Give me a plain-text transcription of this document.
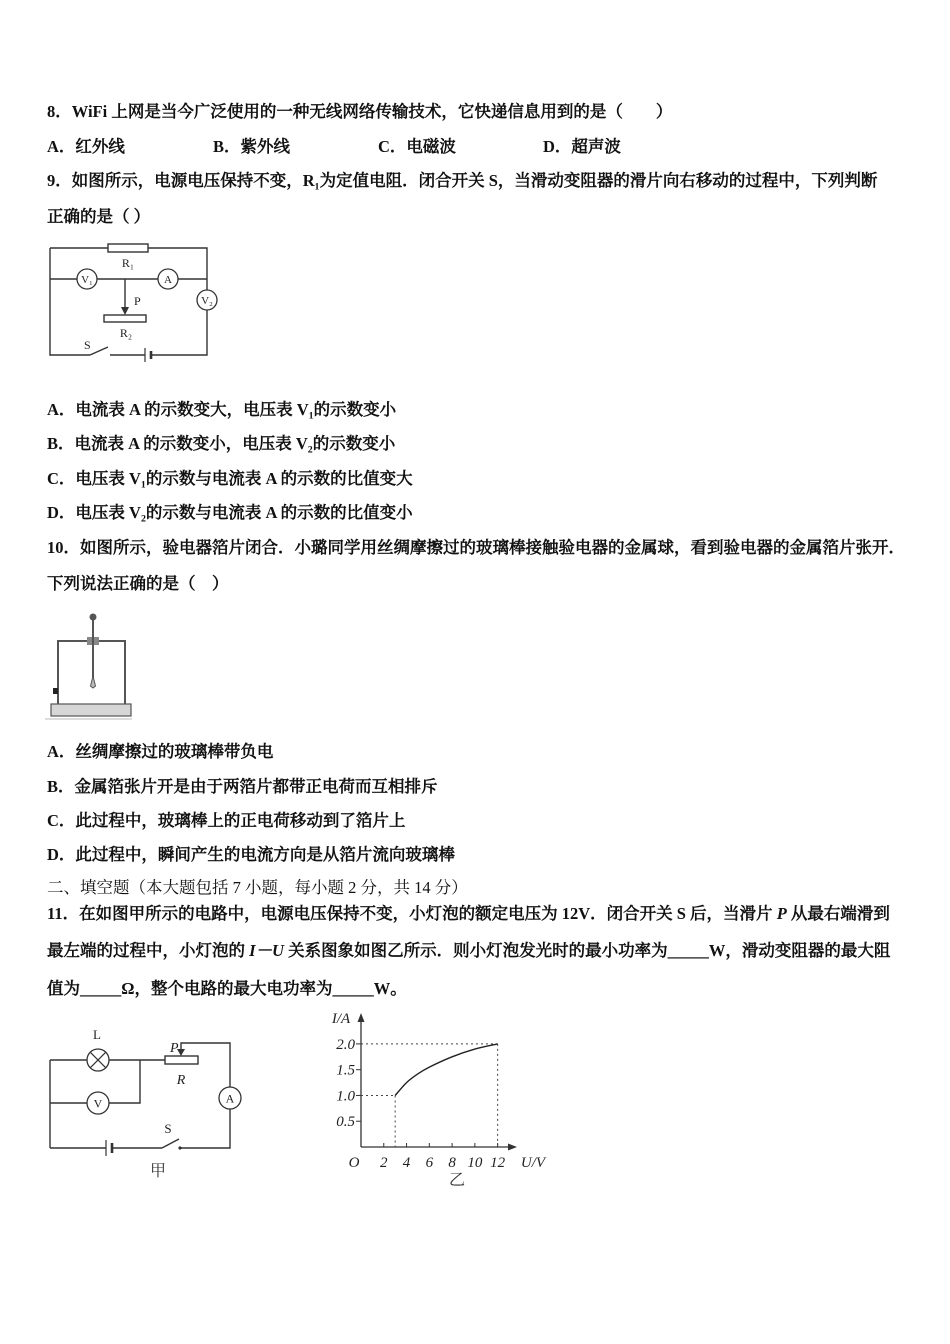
8．WiFi 上网是当今广泛使用的一种无线网络传输技术，它快递信息用到的是（　　）
A．红外线	B．紫外线	C．电磁波	D．超声波
9．如图所示，电源电压保持不变，R₁为定值电阻．闭合开关 S，当滑动变阻器的滑片向右移动的过程中，下列判断
正确的是（ ）
R₁
V₁	A
V₂
P
R₂
S
A．电流表 A 的示数变大，电压表 V₁的示数变小
B．电流表 A 的示数变小，电压表 V₂的示数变小
C．电压表 V₁的示数与电流表 A 的示数的比值变大
D．电压表 V₂的示数与电流表 A 的示数的比值变小
10．如图所示，验电器箔片闭合．小璐同学用丝绸摩擦过的玻璃棒接触验电器的金属球，看到验电器的金属箔片张开．
下列说法正确的是（　）
A．丝绸摩擦过的玻璃棒带负电
B．金属箔张片开是由于两箔片都带正电荷而互相排斥
C．此过程中，玻璃棒上的正电荷移动到了箔片上
D．此过程中，瞬间产生的电流方向是从箔片流向玻璃棒
二、填空题（本大题包括 7 小题，每小题 2 分，共 14 分）
11．在如图甲所示的电路中，电源电压保持不变，小灯泡的额定电压为 12V．闭合开关 S 后，当滑片 P 从最右端滑到
最左端的过程中，小灯泡的 I－U 关系图象如图乙所示．则小灯泡发光时的最小功率为_____W，滑动变阻器的最大阻
值为_____Ω，整个电路的最大电功率为_____W。
L
P
R
V	A
S
甲
2.0
1.5
1.0
0.5
2 4 6 8 10 12
O
I/A
U/V
乙
